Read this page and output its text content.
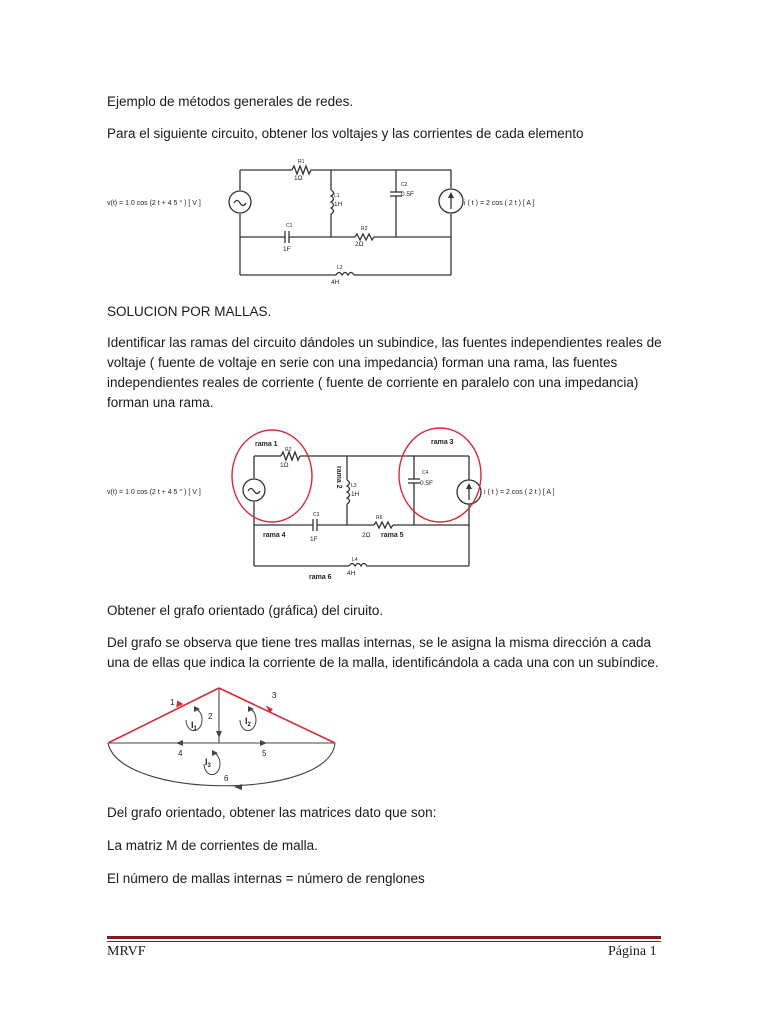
Ejemplo de métodos generales de redes.
Para el siguiente circuito, obtener los voltajes y las corrientes de cada elemento
v(t) = 1 0 cos (2 t + 4 5 ° ) [ V ]	i ( t ) = 2 cos ( 2 t ) [ A ]
R1
1Ω
L1
1H
C2
0.5F
C1
1F
R2
2Ω
L2
4H
SOLUCION POR MALLAS.
Identificar las ramas del circuito dándoles un subindice, las fuentes independientes reales de voltaje ( fuente de voltaje en serie con una impedancia) forman una rama, las fuentes independientes reales de corriente ( fuente de corriente en paralelo con una impedancia) forman una rama.
v(t) = 1 0 cos (2 t + 4 5 ° ) [ V ]	i ( t ) = 2 cos ( 2 t ) [ A ]
rama 1	rama 3
rama 2
rama 4	rama 5
rama 6
R2
1Ω
L3
1H
C4
0.5F
C3
1F
R6
2Ω
L4
4H
Obtener el grafo orientado (gráfica) del ciruito.
Del grafo se observa que tiene tres mallas internas, se le asigna la misma dirección a cada una de ellas que indica la corriente de la malla, identificándola a cada una con un subíndice.
1
2
3
4	5
6
$I_1$
$I_2$
$I_3$
Del grafo orientado, obtener las matrices dato que son:
La matriz M de corrientes de malla.
El número de mallas internas = número de renglones
MRVF	Página 1
